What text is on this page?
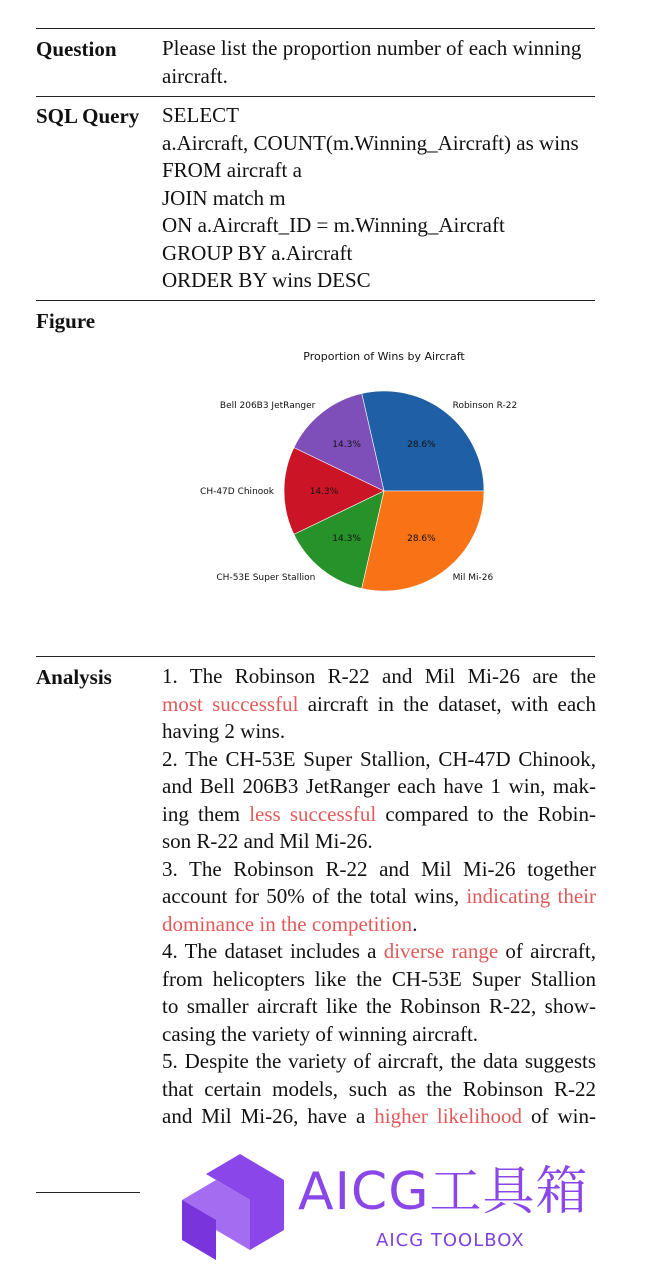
Question Please list the proportion number of each winning
aircraft.
SQL Query SELECT
a.Aircraft, COUNT(m.Winning_Aircraft) as wins
FROM aircraft a
JOIN match m
ON a.Aircraft_ID = m.Winning_Aircraft
GROUP BY a.Aircraft
ORDER BY wins DESC
Figure
Proportion of Wins by Aircraft
28.6%
14.3%
14.3%
14.3%	28.6%
Robinson R-22
Bell 206B3 JetRanger
CH-47D Chinook
CH-53E Super Stallion	Mil Mi-26
Analysis 1. The Robinson R-22 and Mil Mi-26 are the
most successful aircraft in the dataset, with each
having 2 wins.
2. The CH-53E Super Stallion, CH-47D Chinook,
and Bell 206B3 JetRanger each have 1 win, mak-
ing them less successful compared to the Robin-
son R-22 and Mil Mi-26.
3. The Robinson R-22 and Mil Mi-26 together
account for 50% of the total wins, indicating their
dominance in the competition.
4. The dataset includes a diverse range of aircraft,
from helicopters like the CH-53E Super Stallion
to smaller aircraft like the Robinson R-22, show-
casing the variety of winning aircraft.
5. Despite the variety of aircraft, the data suggests
that certain models, such as the Robinson R-22
and Mil Mi-26, have a higher likelihood of win-
AICG工具箱
AICG TOOLBOX
